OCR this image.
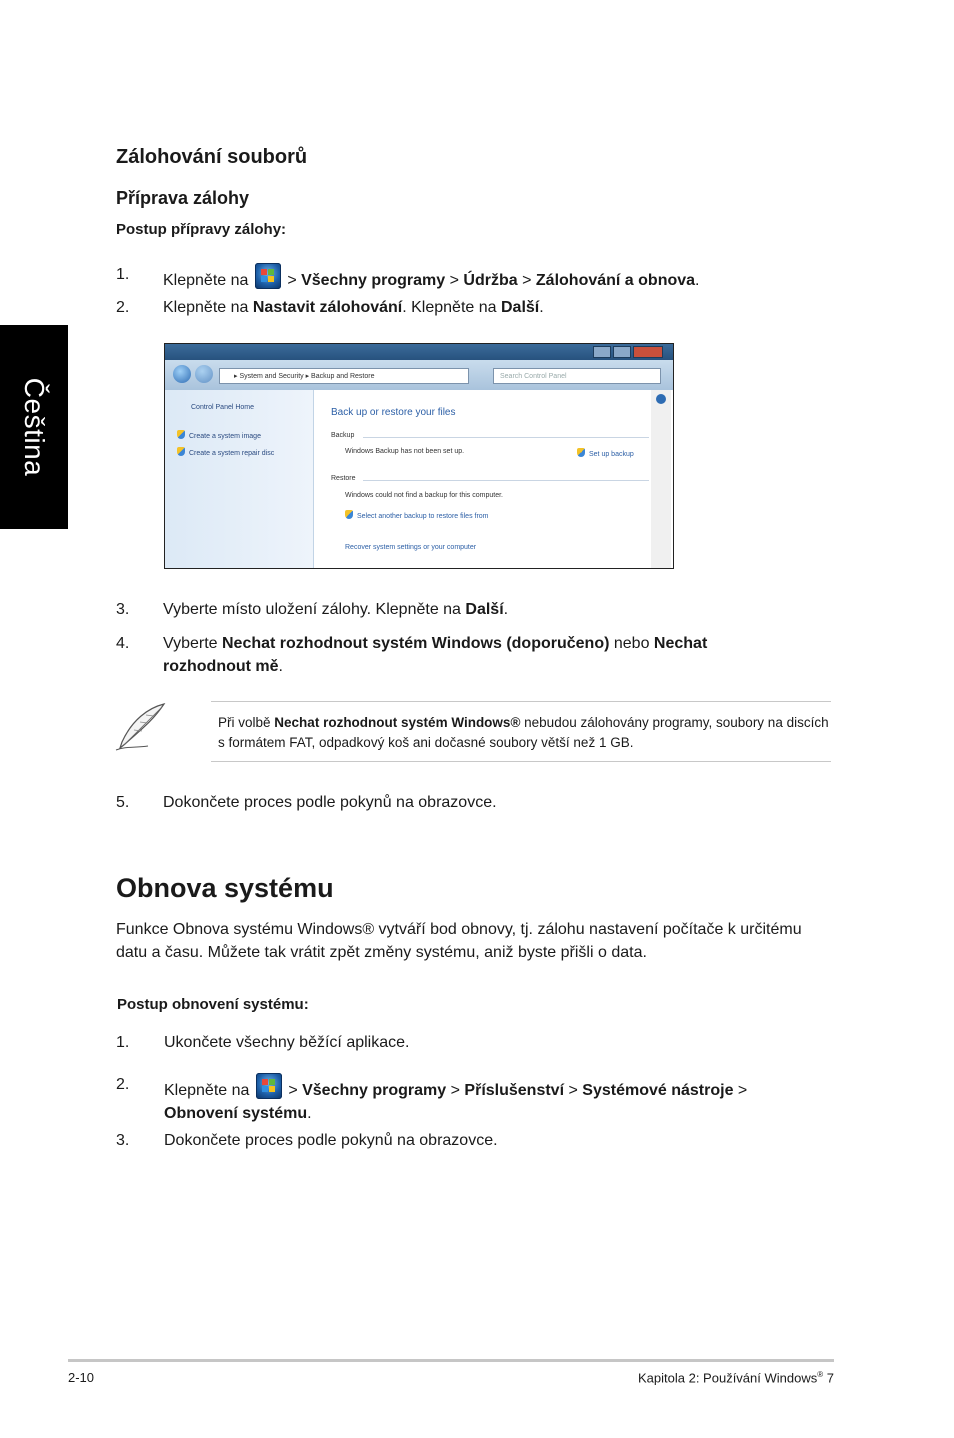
Čeština
Zálohování souborů
Příprava zálohy
Postup přípravy zálohy:
1. Klepněte na > Všechny programy > Údržba > Zálohování a obnova.
2. Klepněte na Nastavit zálohování. Klepněte na Další.
▸ System and Security ▸ Backup and Restore	Search Control Panel
Control Panel Home
Create a system image
Create a system repair disc
Back up or restore your files
Backup
Windows Backup has not been set up.	Set up backup
Restore
Windows could not find a backup for this computer.
Select another backup to restore files from
Recover system settings or your computer
3. Vyberte místo uložení zálohy. Klepněte na Další.
4. Vyberte Nechat rozhodnout systém Windows (doporučeno) nebo Nechat rozhodnout mě.
Při volbě Nechat rozhodnout systém Windows® nebudou zálohovány programy, soubory na discích s formátem FAT, odpadkový koš ani dočasné soubory větší než 1 GB.
5. Dokončete proces podle pokynů na obrazovce.
Obnova systému
Funkce Obnova systému Windows® vytváří bod obnovy, tj. zálohu nastavení počítače k určitému datu a času. Můžete tak vrátit zpět změny systému, aniž byste přišli o data.
Postup obnovení systému:
1. Ukončete všechny běžící aplikace.
2. Klepněte na > Všechny programy > Příslušenství > Systémové nástroje > Obnovení systému.
3. Dokončete proces podle pokynů na obrazovce.
2-10	Kapitola 2: Používání Windows® 7
